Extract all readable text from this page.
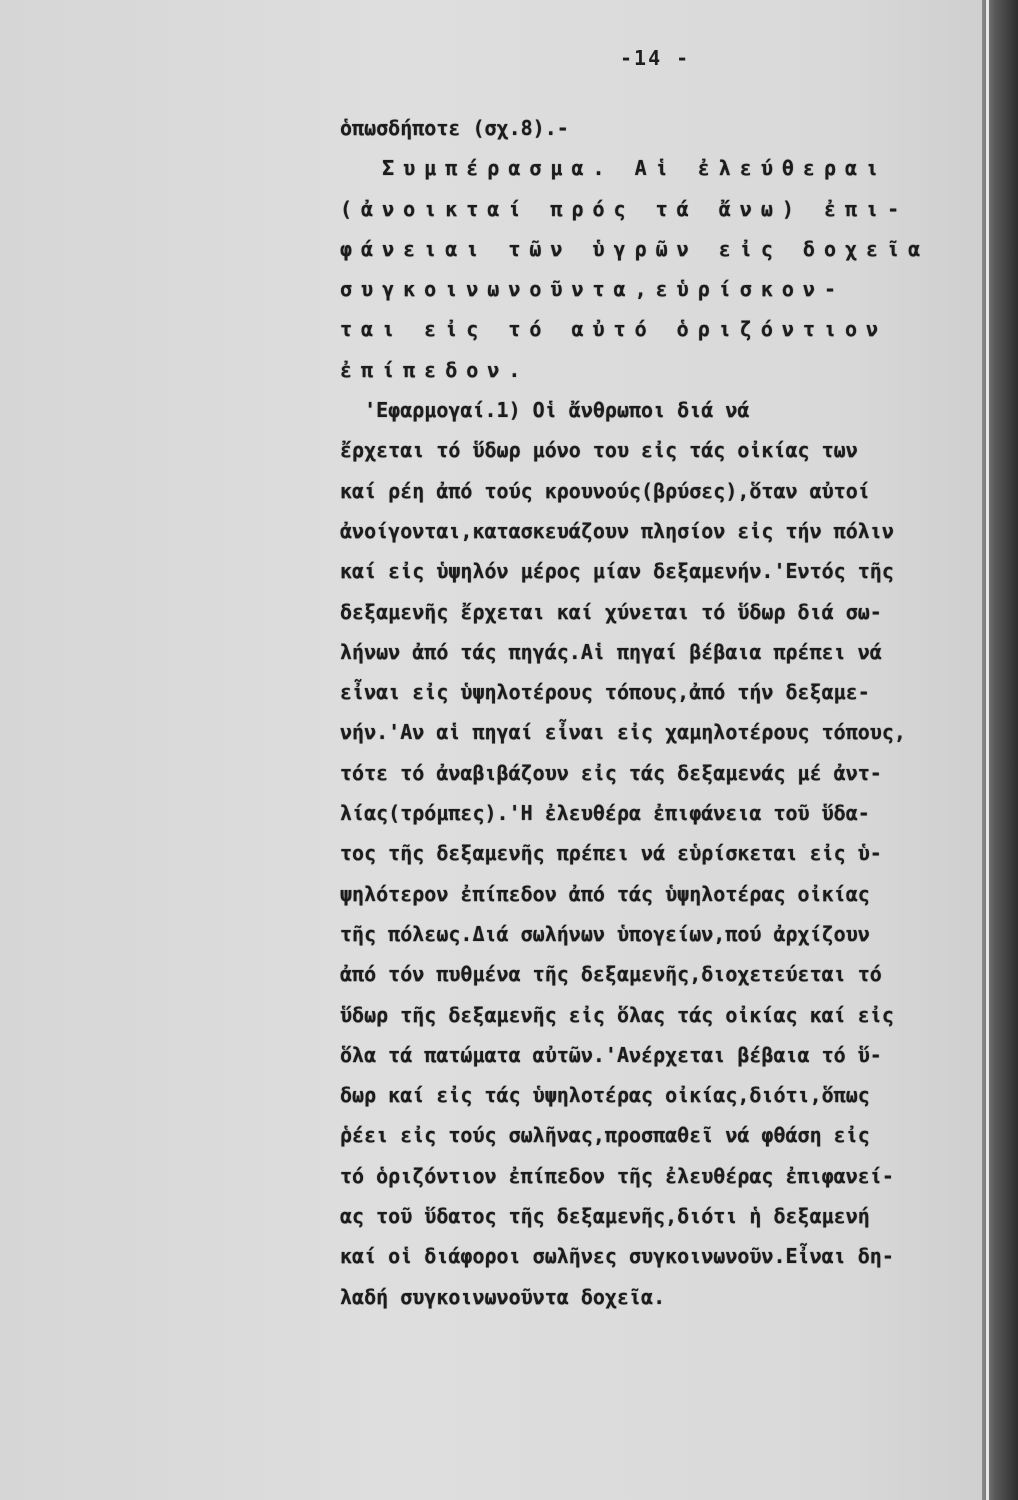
-14 -

ὁπωσδήποτε (σχ.8).-

Συμπέρασμα. Αἱ ἐλεύθεραι

(ἀνοικταί πρός τά ἄνω) ἐπι-

φάνειαι τῶν ὑγρῶν εἰς δοχεῖα

συγκοινωνοῦντα,εὑρίσκον-

ται εἰς τό αὐτό ὁριζόντιον

ἐπίπεδον.

'Εφαρμογαί.1) Οἱ ἄνθρωποι διά νά

ἔρχεται τό ὕδωρ μόνο του εἰς τάς οἰκίας των

καί ρέη ἀπό τούς κρουνούς(βρύσες),ὅταν αὐτοί

ἀνοίγονται,κατασκευάζουν πλησίον εἰς τήν πόλιν

καί εἰς ὑψηλόν μέρος μίαν δεξαμενήν.'Εντός τῆς

δεξαμενῆς ἔρχεται καί χύνεται τό ὕδωρ διά σω-

λήνων ἀπό τάς πηγάς.Αἱ πηγαί βέβαια πρέπει νά

εἶναι εἰς ὑψηλοτέρους τόπους,ἀπό τήν δεξαμε-

νήν.'Αν αἱ πηγαί εἶναι εἰς χαμηλοτέρους τόπους,

τότε τό ἀναβιβάζουν εἰς τάς δεξαμενάς μέ ἀντ-

λίας(τρόμπες).'Η ἐλευθέρα ἐπιφάνεια τοῦ ὕδα-

τος τῆς δεξαμενῆς πρέπει νά εὑρίσκεται εἰς ὑ-

ψηλότερον ἐπίπεδον ἀπό τάς ὑψηλοτέρας οἰκίας

τῆς πόλεως.Διά σωλήνων ὑπογείων,πού ἀρχίζουν

ἀπό τόν πυθμένα τῆς δεξαμενῆς,διοχετεύεται τό

ὕδωρ τῆς δεξαμενῆς εἰς ὅλας τάς οἰκίας καί εἰς

ὅλα τά πατώματα αὐτῶν.'Ανέρχεται βέβαια τό ὕ-

δωρ καί εἰς τάς ὑψηλοτέρας οἰκίας,διότι,ὅπως

ῥέει εἰς τούς σωλῆνας,προσπαθεῖ νά φθάση εἰς

τό ὁριζόντιον ἐπίπεδον τῆς ἐλευθέρας ἐπιφανεί-

ας τοῦ ὕδατος τῆς δεξαμενῆς,διότι ἡ δεξαμενή

καί οἱ διάφοροι σωλῆνες συγκοινωνοῦν.Εἶναι δη-

λαδή συγκοινωνοῦντα δοχεῖα.
